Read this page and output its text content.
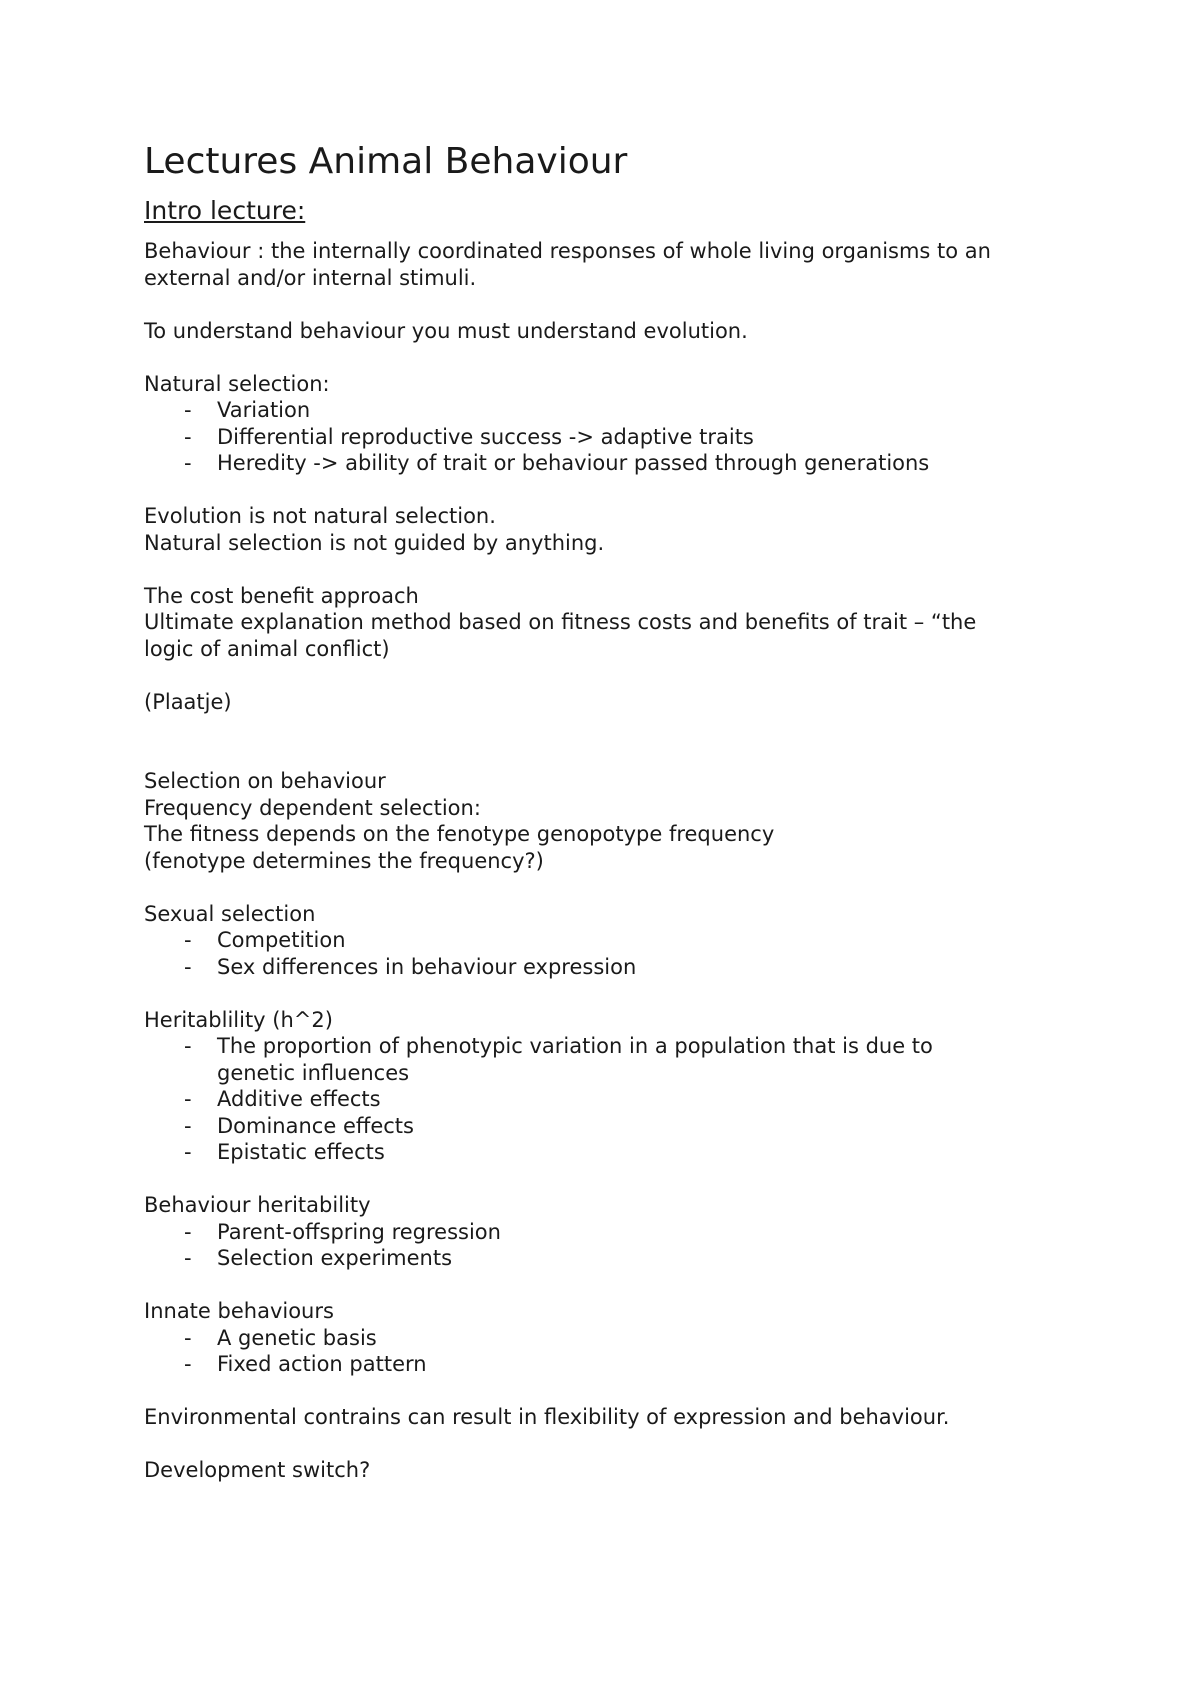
Lectures Animal Behaviour
Intro lecture:
Behaviour : the internally coordinated responses of whole living organisms to an
external and/or internal stimuli.
To understand behaviour you must understand evolution.
Natural selection:
- Variation
- Differential reproductive success -> adaptive traits
- Heredity -> ability of trait or behaviour passed through generations
Evolution is not natural selection.
Natural selection is not guided by anything.
The cost benefit approach
Ultimate explanation method based on fitness costs and benefits of trait – “the
logic of animal conflict)
(Plaatje)
Selection on behaviour
Frequency dependent selection:
The fitness depends on the fenotype genopotype frequency
(fenotype determines the frequency?)
Sexual selection
- Competition
- Sex differences in behaviour expression
Heritablility (h^2)
- The proportion of phenotypic variation in a population that is due to
genetic influences
- Additive effects
- Dominance effects
- Epistatic effects
Behaviour heritability
- Parent-offspring regression
- Selection experiments
Innate behaviours
- A genetic basis
- Fixed action pattern
Environmental contrains can result in flexibility of expression and behaviour.
Development switch?
